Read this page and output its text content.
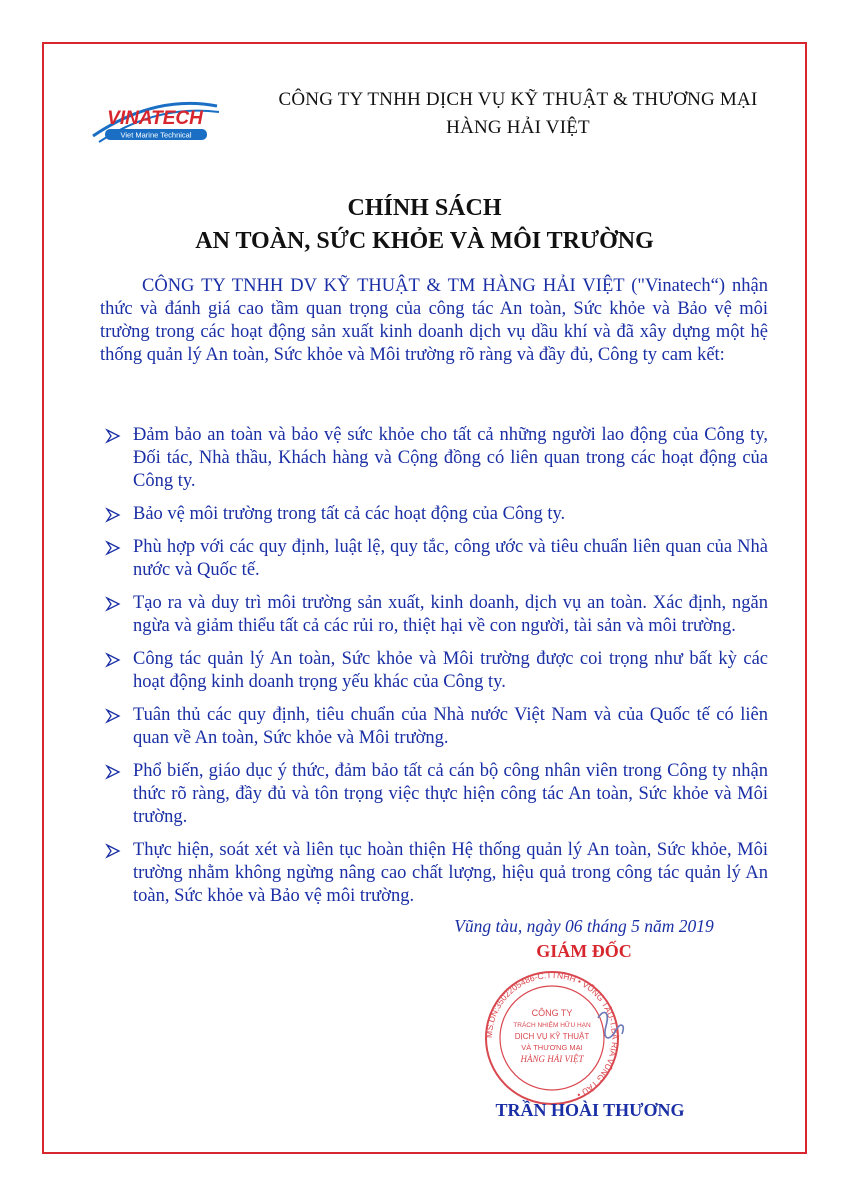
VINATECH
Viet Marine Technical
CÔNG TY TNHH DỊCH VỤ KỸ THUẬT & THƯƠNG MẠI
HÀNG HẢI VIỆT
CHÍNH SÁCH
AN TOÀN, SỨC KHỎE VÀ MÔI TRƯỜNG

CÔNG TY TNHH DV KỸ THUẬT & TM HÀNG HẢI VIỆT ("Vinatech“) nhận thức và đánh giá cao tầm quan trọng của công tác An toàn, Sức khỏe và Bảo vệ môi trường trong các hoạt động sản xuất kinh doanh dịch vụ dầu khí và đã xây dựng một hệ thống quản lý An toàn, Sức khỏe và Môi trường rõ ràng và đầy đủ, Công ty cam kết:

Đảm bảo an toàn và bảo vệ sức khỏe cho tất cả những người lao động của Công ty, Đối tác, Nhà thầu, Khách hàng và Cộng đồng có liên quan trong các hoạt động của Công ty.
Bảo vệ môi trường trong tất cả các hoạt động của Công ty.
Phù hợp với các quy định, luật lệ, quy tắc, công ước và tiêu chuẩn liên quan của Nhà nước và Quốc tế.
Tạo ra và duy trì môi trường sản xuất, kinh doanh, dịch vụ an toàn. Xác định, ngăn ngừa và giảm thiểu tất cả các rủi ro, thiệt hại về con người, tài sản và môi trường.
Công tác quản lý An toàn, Sức khỏe và Môi trường được coi trọng như bất kỳ các hoạt động kinh doanh trọng yếu khác của Công ty.
Tuân thủ các quy định, tiêu chuẩn của Nhà nước Việt Nam và của Quốc tế có liên quan về An toàn, Sức khỏe và Môi trường.
Phổ biến, giáo dục ý thức, đảm bảo tất cả cán bộ công nhân viên trong Công ty nhận thức rõ ràng, đầy đủ và tôn trọng việc thực hiện công tác An toàn, Sức khỏe và Môi trường.
Thực hiện, soát xét và liên tục hoàn thiện Hệ thống quản lý An toàn, Sức khỏe, Môi trường nhằm không ngừng nâng cao chất lượng, hiệu quả trong công tác quản lý An toàn, Sức khỏe và Bảo vệ môi trường.
Vũng tàu, ngày 06 tháng 5 năm 2019
GIÁM ĐỐC
MS.DN:3502205486-C.TTNHH • VŨNG TÀU-T.BÀ RỊA VŨNG TÀU •
CÔNG TY
TRÁCH NHIỆM HỮU HẠN
DỊCH VỤ KỸ THUẬT
VÀ THƯƠNG MẠI
HÀNG HẢI VIỆT
TRẦN HOÀI THƯƠNG
